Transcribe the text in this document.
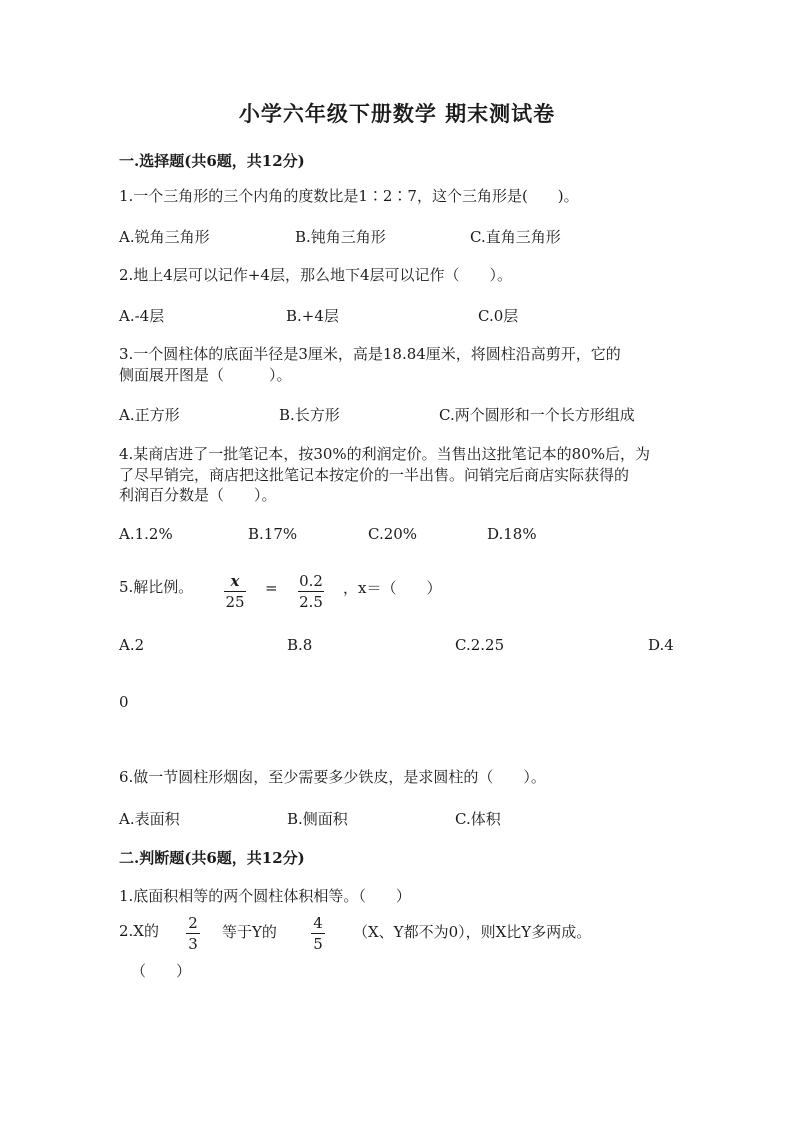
小学六年级下册数学 期末测试卷
一.选择题(共6题，共12分)
1.一个三角形的三个内角的度数比是1∶2∶7，这个三角形是(　　)。
A.锐角三角形	B.钝角三角形	C.直角三角形
2.地上4层可以记作+4层，那么地下4层可以记作（　　）。
A.-4层	B.+4层	C.0层
3.一个圆柱体的底面半径是3厘米，高是18.84厘米，将圆柱沿高剪开，它的
侧面展开图是（　　　）。
A.正方形	B.长方形	C.两个圆形和一个长方形组成
4.某商店进了一批笔记本，按30%的利润定价。当售出这批笔记本的80%后，为
了尽早销完，商店把这批笔记本按定价的一半出售。问销完后商店实际获得的
利润百分数是（　　）。
A.1.2%	B.17%	C.20%	D.18%
5.解比例。	x
25
= 0.2
2.5
，x＝（　　）
A.2	B.8	C.2.25	D.4
0
6.做一节圆柱形烟囱，至少需要多少铁皮，是求圆柱的（　　）。
A.表面积	B.侧面积	C.体积
二.判断题(共6题，共12分)
1.底面积相等的两个圆柱体积相等。（　　）
2.X的 2
3
等于Y的 4
5
（X、Y都不为0），则X比Y多两成。
（　　）
